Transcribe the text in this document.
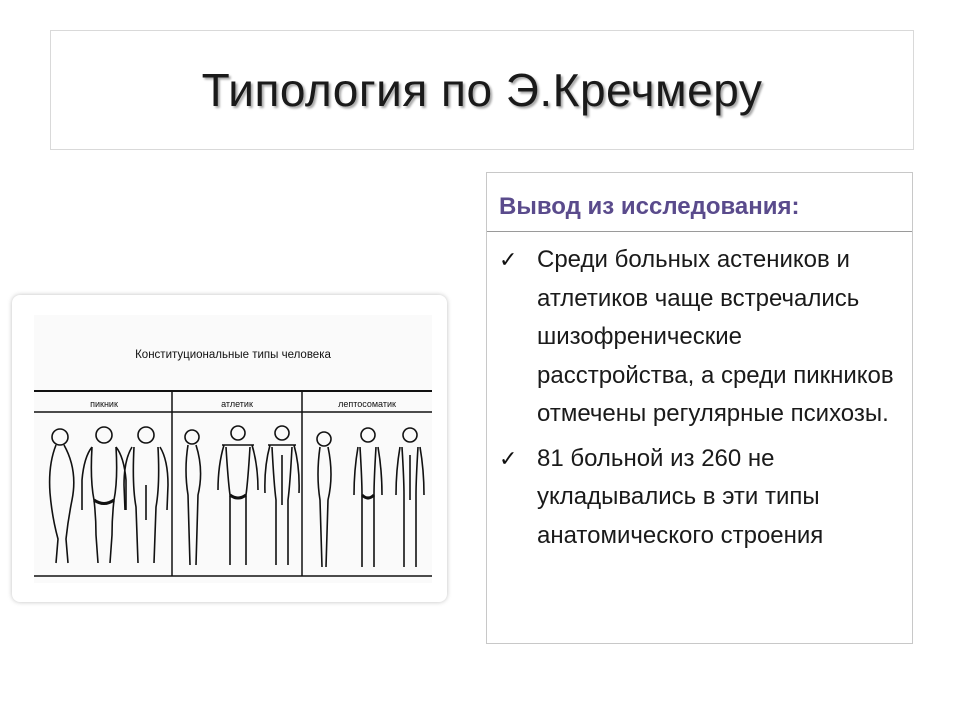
Типология по Э.Кречмеру
Конституциональные типы человека
пикник	атлетик	лептосоматик
Вывод из исследования:
✓ Среди больных астеников и атлетиков чаще встречались шизофренические расстройства, а среди пикников отмечены регулярные психозы.
✓ 81 больной из 260 не укладывались в эти типы анатомического строения
